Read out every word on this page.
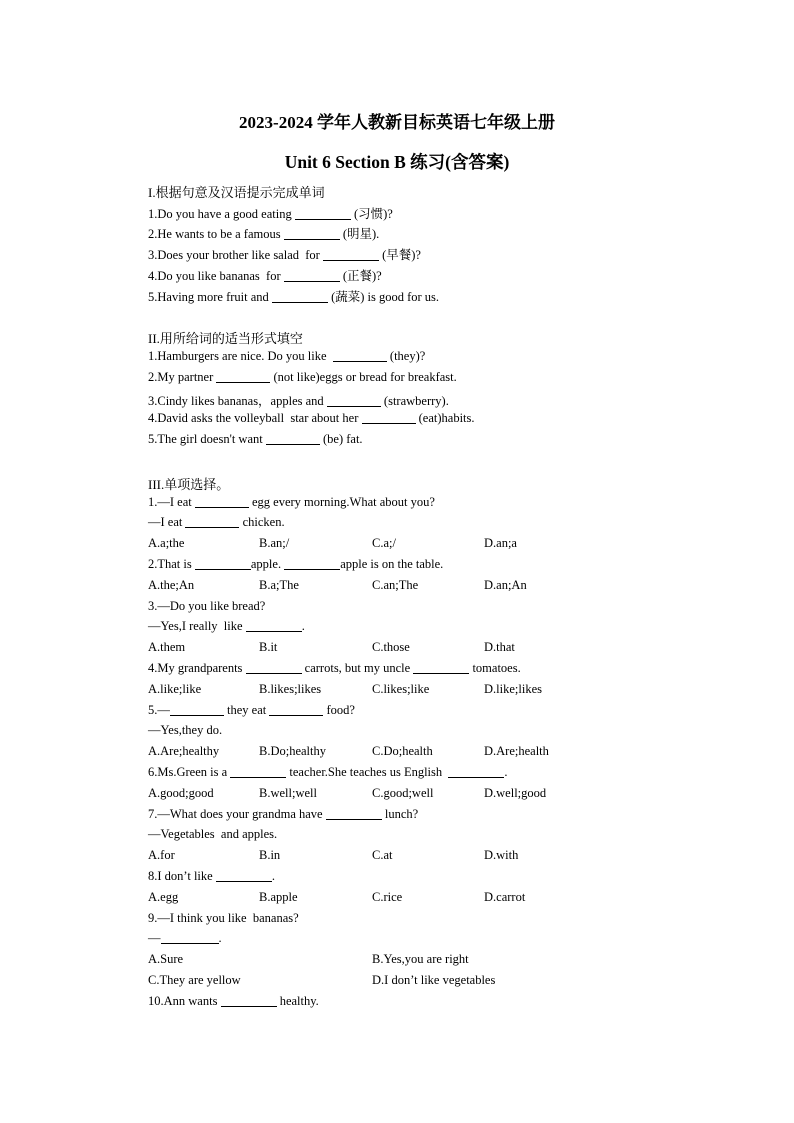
2023-2024 学年人教新目标英语七年级上册
Unit 6 Section B 练习(含答案)
I.根据句意及汉语提示完成单词
1.Do you have a good eating	(习惯)?
2.He wants to be a famous	(明星).
3.Does your brother like salad  for	(早餐)?
4.Do you like bananas  for	(正餐)?
5.Having more fruit and	(蔬菜) is good for us.
II.用所给词的适当形式填空
1.Hamburgers are nice. Do you like	(they)?
2.My partner	(not like)eggs or bread for breakfast.
3.Cindy likes bananas，apples and	(strawberry).
4.David asks the volleyball  star about her	(eat)habits.
5.The girl doesn't want	(be) fat.
III.单项选择。
1.—I eat	egg every morning.What about you?
—I eat	chicken.
A.a;the	B.an;/	C.a;/	D.an;a
2.That is	apple.	apple is on the table.
A.the;An	B.a;The	C.an;The	D.an;An
3.—Do you like bread?
—Yes,I really  like	.
A.them	B.it	C.those	D.that
4.My grandparents	carrots, but my uncle	tomatoes.
A.like;like	B.likes;likes	C.likes;like	D.like;likes
5.—	they eat	food?
—Yes,they do.
A.Are;healthy	B.Do;healthy	C.Do;health	D.Are;health
6.Ms.Green is a	teacher.She teaches us English	.
A.good;good	B.well;well	C.good;well	D.well;good
7.—What does your grandma have	lunch?
—Vegetables  and apples.
A.for	B.in	C.at	D.with
8.I don’t like	.
A.egg	B.apple	C.rice	D.carrot
9.—I think you like  bananas?
—	.
A.Sure	B.Yes,you are right
C.They are yellow	D.I don’t like vegetables
10.Ann wants	healthy.
